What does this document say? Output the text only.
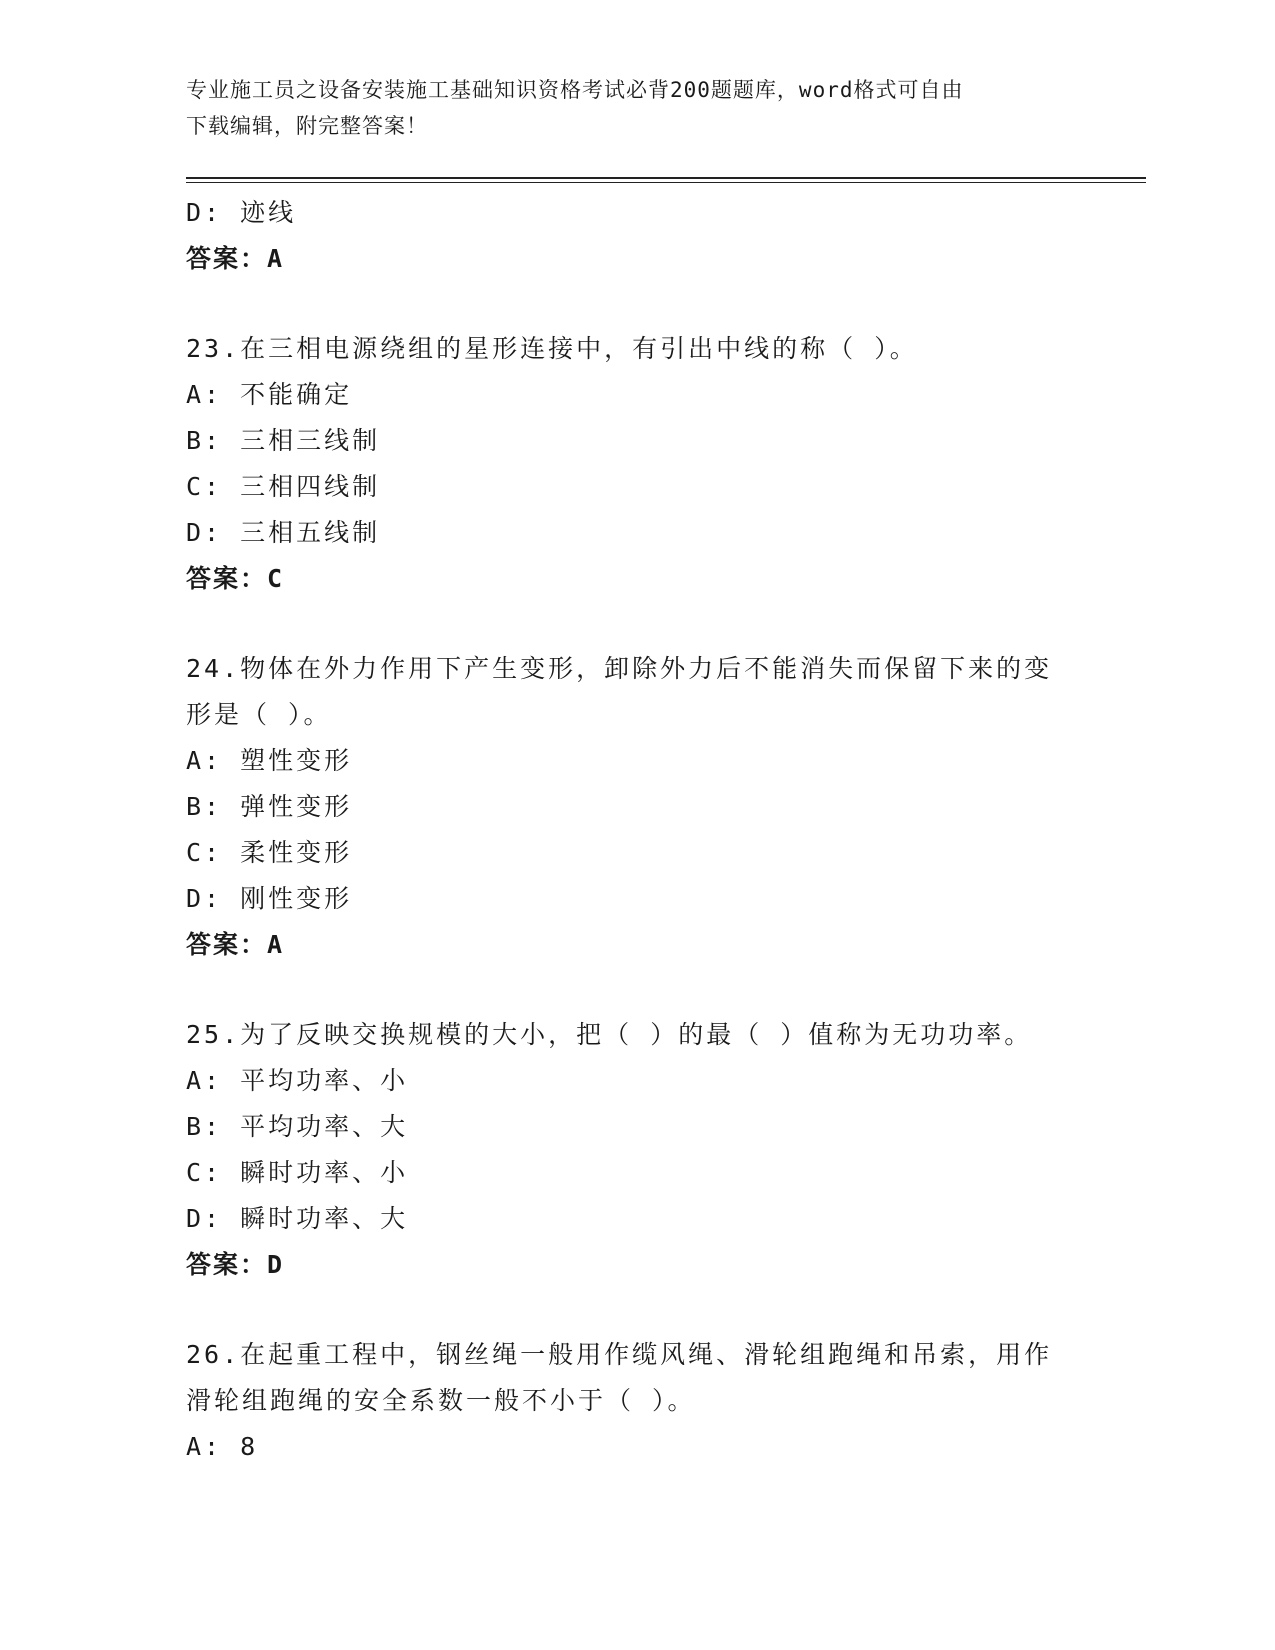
专业施工员之设备安装施工基础知识资格考试必背200题题库，word格式可自由
下载编辑，附完整答案！
D: 迹线
答案：A
23.在三相电源绕组的星形连接中，有引出中线的称（ ）。
A: 不能确定
B: 三相三线制
C: 三相四线制
D: 三相五线制
答案：C
24.物体在外力作用下产生变形，卸除外力后不能消失而保留下来的变
形是（ ）。
A: 塑性变形
B: 弹性变形
C: 柔性变形
D: 刚性变形
答案：A
25.为了反映交换规模的大小，把（ ）的最（ ）值称为无功功率。
A: 平均功率、小
B: 平均功率、大
C: 瞬时功率、小
D: 瞬时功率、大
答案：D
26.在起重工程中，钢丝绳一般用作缆风绳、滑轮组跑绳和吊索，用作
滑轮组跑绳的安全系数一般不小于（ ）。
A: 8
